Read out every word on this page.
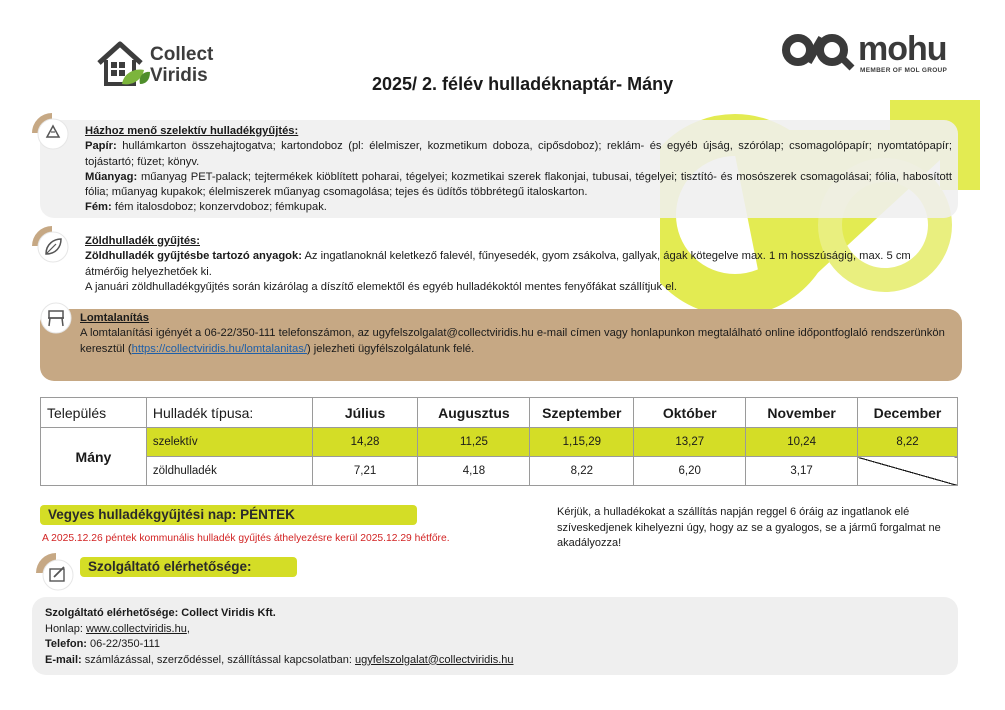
Collect
Viridis
mohu
MEMBER OF MOL GROUP
2025/ 2. félév hulladéknaptár- Mány
Házhoz menő szelektív hulladékgyűjtés:
Papír: hullámkarton összehajtogatva; kartondoboz (pl: élelmiszer, kozmetikum doboza, cipősdoboz); reklám- és egyéb újság, szórólap; csomagolópapír; nyomtatópapír; tojástartó; füzet; könyv.
Műanyag: műanyag PET-palack; tejtermékek kiöblített poharai, tégelyei; kozmetikai szerek flakonjai, tubusai, tégelyei; tisztító- és mosószerek csomagolásai; fólia, habosított fólia; műanyag kupakok; élelmiszerek műanyag csomagolása; tejes és üdítős többrétegű italoskarton.
Fém: fém italosdoboz; konzervdoboz; fémkupak.
Zöldhulladék gyűjtés:
Zöldhulladék gyűjtésbe tartozó anyagok: Az ingatlanoknál keletkező falevél, fűnyesedék, gyom zsákolva, gallyak, ágak kötegelve max. 1 m hosszúságig, max. 5 cm átmérőig helyezhetőek ki.
A januári zöldhulladékgyűjtés során kizárólag a díszítő elemektől és egyéb hulladékoktól mentes fenyőfákat szállítjuk el.
Lomtalanítás
A lomtalanítási igényét a 06-22/350-111 telefonszámon, az ugyfelszolgalat@collectviridis.hu e-mail címen vagy honlapunkon megtalálható online időpontfoglaló rendszerünkön keresztül (https://collectviridis.hu/lomtalanitas/) jelezheti ügyfélszolgálatunk felé.
Település	Hulladék típusa:	Július	Augusztus	Szeptember	Október	November	December
Mány	szelektív	14,28	11,25	1,15,29	13,27	10,24	8,22
	zöldhulladék	7,21	4,18	8,22	6,20	3,17	
Vegyes hulladékgyűjtési nap: PÉNTEK
A 2025.12.26 péntek kommunális hulladék gyűjtés áthelyezésre kerül 2025.12.29 hétfőre.
Kérjük, a hulladékokat a szállítás napján reggel 6 óráig az ingatlanok elé szíveskedjenek kihelyezni úgy, hogy az se a gyalogos, se a jármű forgalmat ne akadályozza!
Szolgáltató elérhetősége:
Szolgáltató elérhetősége: Collect Viridis Kft.
Honlap: www.collectviridis.hu,
Telefon: 06-22/350-111
E-mail: számlázással, szerződéssel, szállítással kapcsolatban: ugyfelszolgalat@collectviridis.hu
